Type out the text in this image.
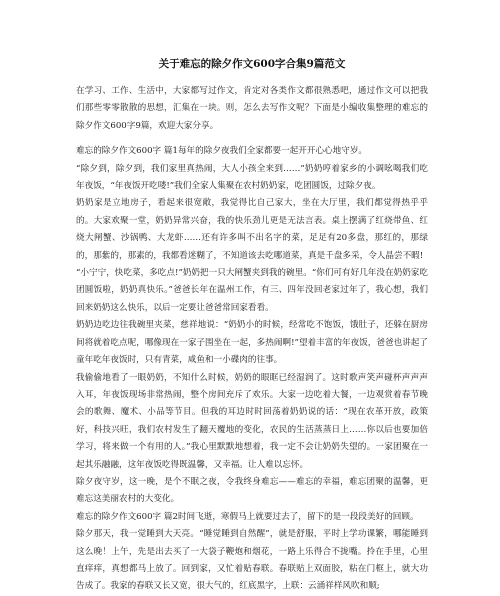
关于难忘的除夕作文600字合集9篇范文

在学习、工作、生活中，大家都写过作文，肯定对各类作文都很熟悉吧，通过作文可以把我们那些零零散散的思想，汇集在一块。则，怎么去写作文呢？下面是小编收集整理的难忘的除夕作文600字9篇，欢迎大家分享。

难忘的除夕作文600字 篇1每年的除夕夜我们全家都要一起开开心心地守岁。

“除夕到，除夕到，我们家里真热闹，大人小孩全来到……”奶奶哼着家乡的小调吆喝我们吃年夜饭，“年夜饭开吃喽!”我们全家人集聚在农村奶奶家，吃团圆饭，过除夕夜。

奶奶家是立地房子，看起来很宽敞，我觉得比自己家大，坐在大厅里，我们都觉得热乎乎的。大家欢聚一堂，奶奶异常兴奋，我的快乐劲儿更是无法言表。桌上摆满了红烧带鱼、红烧大闸蟹、沙锅鸭、大龙虾……还有许多叫不出名字的菜，足足有20多盘，那红的，那绿的，那紫的，那素的，我都看迷糊了，不知道该去吃哪道菜，真是千盘多采，令人晶尝不暇!

“小宁宁，快吃菜，多吃点!”奶奶把一只大闸蟹夹到我的碗里。“你们可有好几年没在奶奶家吃团圆饭啦，奶奶真快乐。”爸爸长年在温州工作，有三、四年没回老家过年了，我心想，我们回来奶奶这么快乐，以后一定要让爸爸常回家看看。

奶奶边吃边往我碗里夹菜，慈祥地说：“奶奶小的时候，经常吃不饱饭，饿肚子，还躲在厨房间将就着吃点呢，哪像现在一家子围坐在一起，多热闹啊!”望着丰富的年夜饭，爸爸也讲起了童年吃年夜饭时，只有青菜，咸鱼和一小碟肉的往事。

我偷偷地看了一眼奶奶，不知什么时候，奶奶的眼眶已经湿润了。这时歌声笑声碰杯声声声入耳，年夜饭现场非常热闹，整个房间充斥了欢乐。大家一边吃着大餐，一边观赏着春节晚会的歌舞、魔术、小品等节目。但我的耳边时时回荡着奶奶说的话：“现在农革开放，政策好，科技兴旺，我们农村发生了翻天覆地的变化，农民的生活蒸蒸日上……你以后也要加倍学习，将来做一个有用的人。”我心里默默地想着，我一定不会让奶奶失望的。一家团聚在一起其乐融融，这年夜饭吃得既温馨，又幸福。让人难以忘怀。

除夕夜守岁，这一晚，是个不眠之夜，令我终身难忘——难忘的幸福，难忘团聚的温馨，更难忘这美丽农村的大变化。

难忘的除夕作文600字 篇2时间飞逝，寒假马上就要过去了，留下的是一段段美好的回顾。

除夕那天，我一觉睡到大天亮。“睡觉睡到自然醒”，就是舒服，平时上学功课繁，哪能睡到这么晚！上午，先是出去买了一大袋子鞭炮和烟花，一路上乐得合不拢嘴。拎在手里，心里直痒痒，真想都马上放了。回到家，又忙着贴春联。春联贴上双面胶，粘在门框上，就大功告成了。我家的春联又长又宽，很大气的，红底黑字，上联：云涌祥样风吹和顺;
